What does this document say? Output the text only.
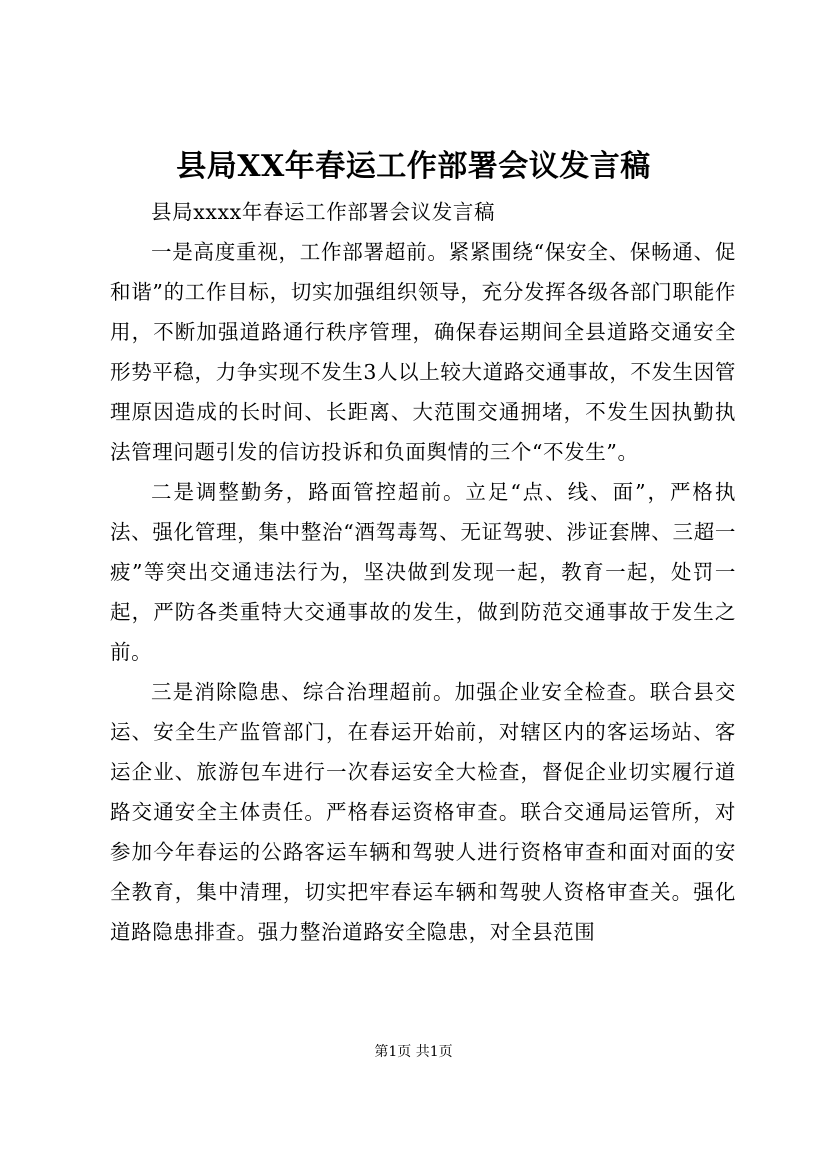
县局XX年春运工作部署会议发言稿

县局xxxx年春运工作部署会议发言稿

一是高度重视，工作部署超前。紧紧围绕“保安全、保畅通、促和谐”的工作目标，切实加强组织领导，充分发挥各级各部门职能作用，不断加强道路通行秩序管理，确保春运期间全县道路交通安全形势平稳，力争实现不发生3人以上较大道路交通事故，不发生因管理原因造成的长时间、长距离、大范围交通拥堵，不发生因执勤执法管理问题引发的信访投诉和负面舆情的三个“不发生”。

二是调整勤务，路面管控超前。立足“点、线、面”，严格执法、强化管理，集中整治“酒驾毒驾、无证驾驶、涉证套牌、三超一疲”等突出交通违法行为，坚决做到发现一起，教育一起，处罚一起，严防各类重特大交通事故的发生，做到防范交通事故于发生之前。

三是消除隐患、综合治理超前。加强企业安全检查。联合县交运、安全生产监管部门，在春运开始前，对辖区内的客运场站、客运企业、旅游包车进行一次春运安全大检查，督促企业切实履行道路交通安全主体责任。严格春运资格审查。联合交通局运管所，对参加今年春运的公路客运车辆和驾驶人进行资格审查和面对面的安全教育，集中清理，切实把牢春运车辆和驾驶人资格审查关。强化道路隐患排查。强力整治道路安全隐患，对全县范围

第1页 共1页
